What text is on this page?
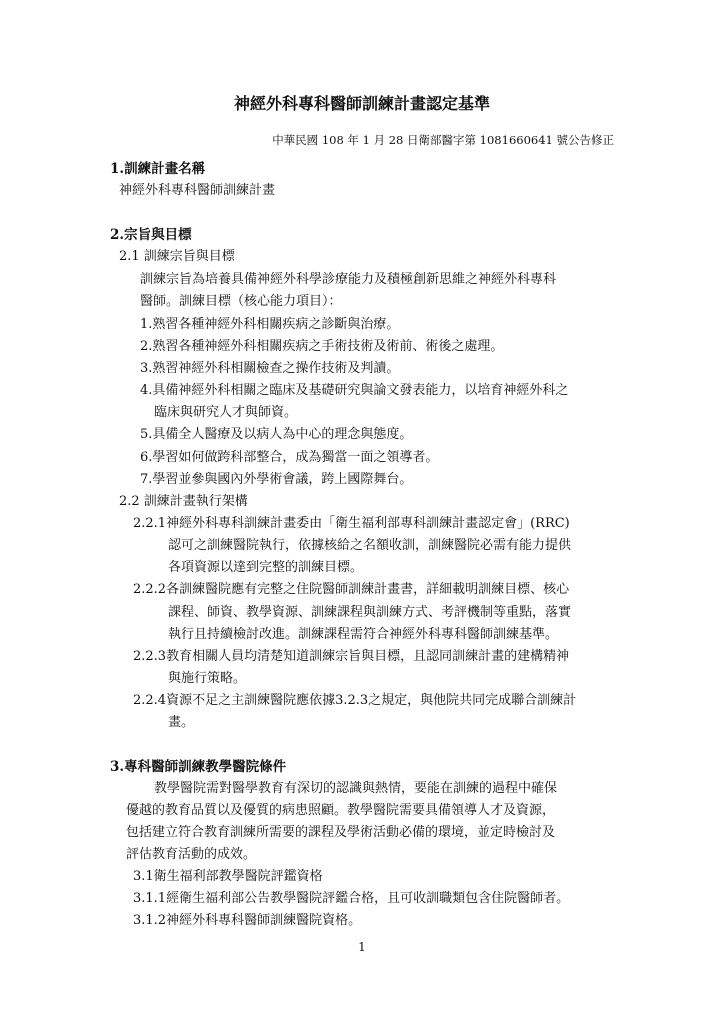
神經外科專科醫師訓練計畫認定基準
中華民國 108 年 1 月 28 日衛部醫字第 1081660641 號公告修正
1.訓練計畫名稱
神經外科專科醫師訓練計畫
2.宗旨與目標
2.1 訓練宗旨與目標
訓練宗旨為培養具備神經外科學診療能力及積極創新思維之神經外科專科
醫師。訓練目標（核心能力項目）：
1.熟習各種神經外科相關疾病之診斷與治療。
2.熟習各種神經外科相關疾病之手術技術及術前、術後之處理。
3.熟習神經外科相關檢查之操作技術及判讀。
4.具備神經外科相關之臨床及基礎研究與論文發表能力，以培育神經外科之
臨床與研究人才與師資。
5.具備全人醫療及以病人為中心的理念與態度。
6.學習如何做跨科部整合，成為獨當一面之領導者。
7.學習並參與國內外學術會議，跨上國際舞台。
2.2 訓練計畫執行架構
2.2.1神經外科專科訓練計畫委由「衛生福利部專科訓練計畫認定會」(RRC)
認可之訓練醫院執行，依據核給之名額收訓，訓練醫院必需有能力提供
各項資源以達到完整的訓練目標。
2.2.2各訓練醫院應有完整之住院醫師訓練計畫書，詳細載明訓練目標、核心
課程、師資、教學資源、訓練課程與訓練方式、考評機制等重點，落實
執行且持續檢討改進。訓練課程需符合神經外科專科醫師訓練基準。
2.2.3教育相關人員均清楚知道訓練宗旨與目標，且認同訓練計畫的建構精神
與施行策略。
2.2.4資源不足之主訓練醫院應依據3.2.3之規定，與他院共同完成聯合訓練計
畫。
3.專科醫師訓練教學醫院條件
教學醫院需對醫學教育有深切的認識與熱情，要能在訓練的過程中確保
優越的教育品質以及優質的病患照顧。教學醫院需要具備領導人才及資源，
包括建立符合教育訓練所需要的課程及學術活動必備的環境，並定時檢討及
評估教育活動的成效。
3.1衛生福利部教學醫院評鑑資格
3.1.1經衛生福利部公告教學醫院評鑑合格，且可收訓職類包含住院醫師者。
3.1.2神經外科專科醫師訓練醫院資格。
1
